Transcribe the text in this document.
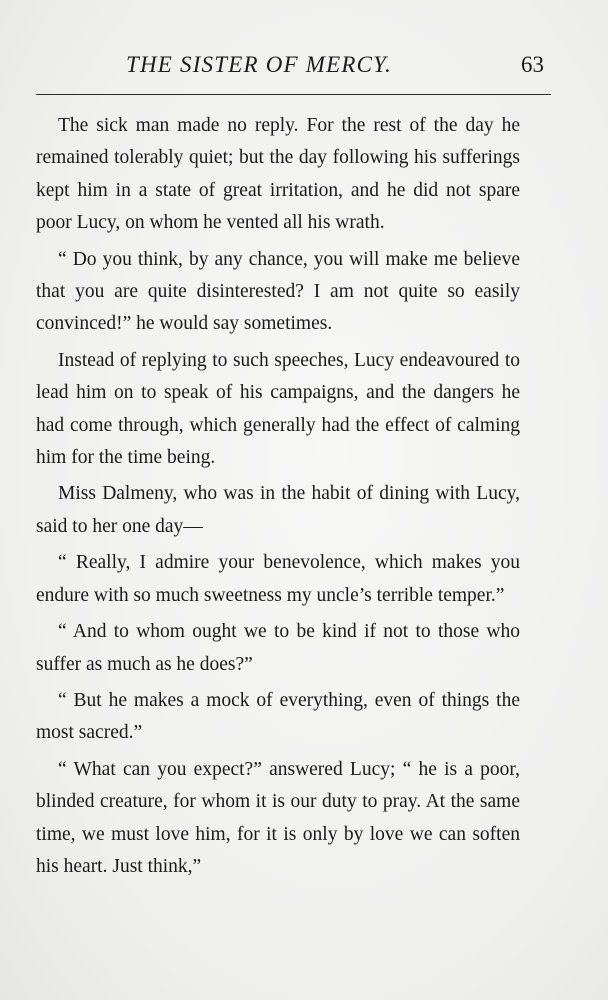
THE SISTER OF MERCY.	63

The sick man made no reply. For the rest of the day he remained tolerably quiet; but the day following his sufferings kept him in a state of great irritation, and he did not spare poor Lucy, on whom he vented all his wrath.

“ Do you think, by any chance, you will make me believe that you are quite disinterested? I am not quite so easily convinced!” he would say sometimes.

Instead of replying to such speeches, Lucy endeavoured to lead him on to speak of his campaigns, and the dangers he had come through, which generally had the effect of calming him for the time being.

Miss Dalmeny, who was in the habit of dining with Lucy, said to her one day—

“ Really, I admire your benevolence, which makes you endure with so much sweetness my uncle’s terrible temper.”

“ And to whom ought we to be kind if not to those who suffer as much as he does?”

“ But he makes a mock of everything, even of things the most sacred.”

“ What can you expect?” answered Lucy; “ he is a poor, blinded creature, for whom it is our duty to pray. At the same time, we must love him, for it is only by love we can soften his heart. Just think,”
